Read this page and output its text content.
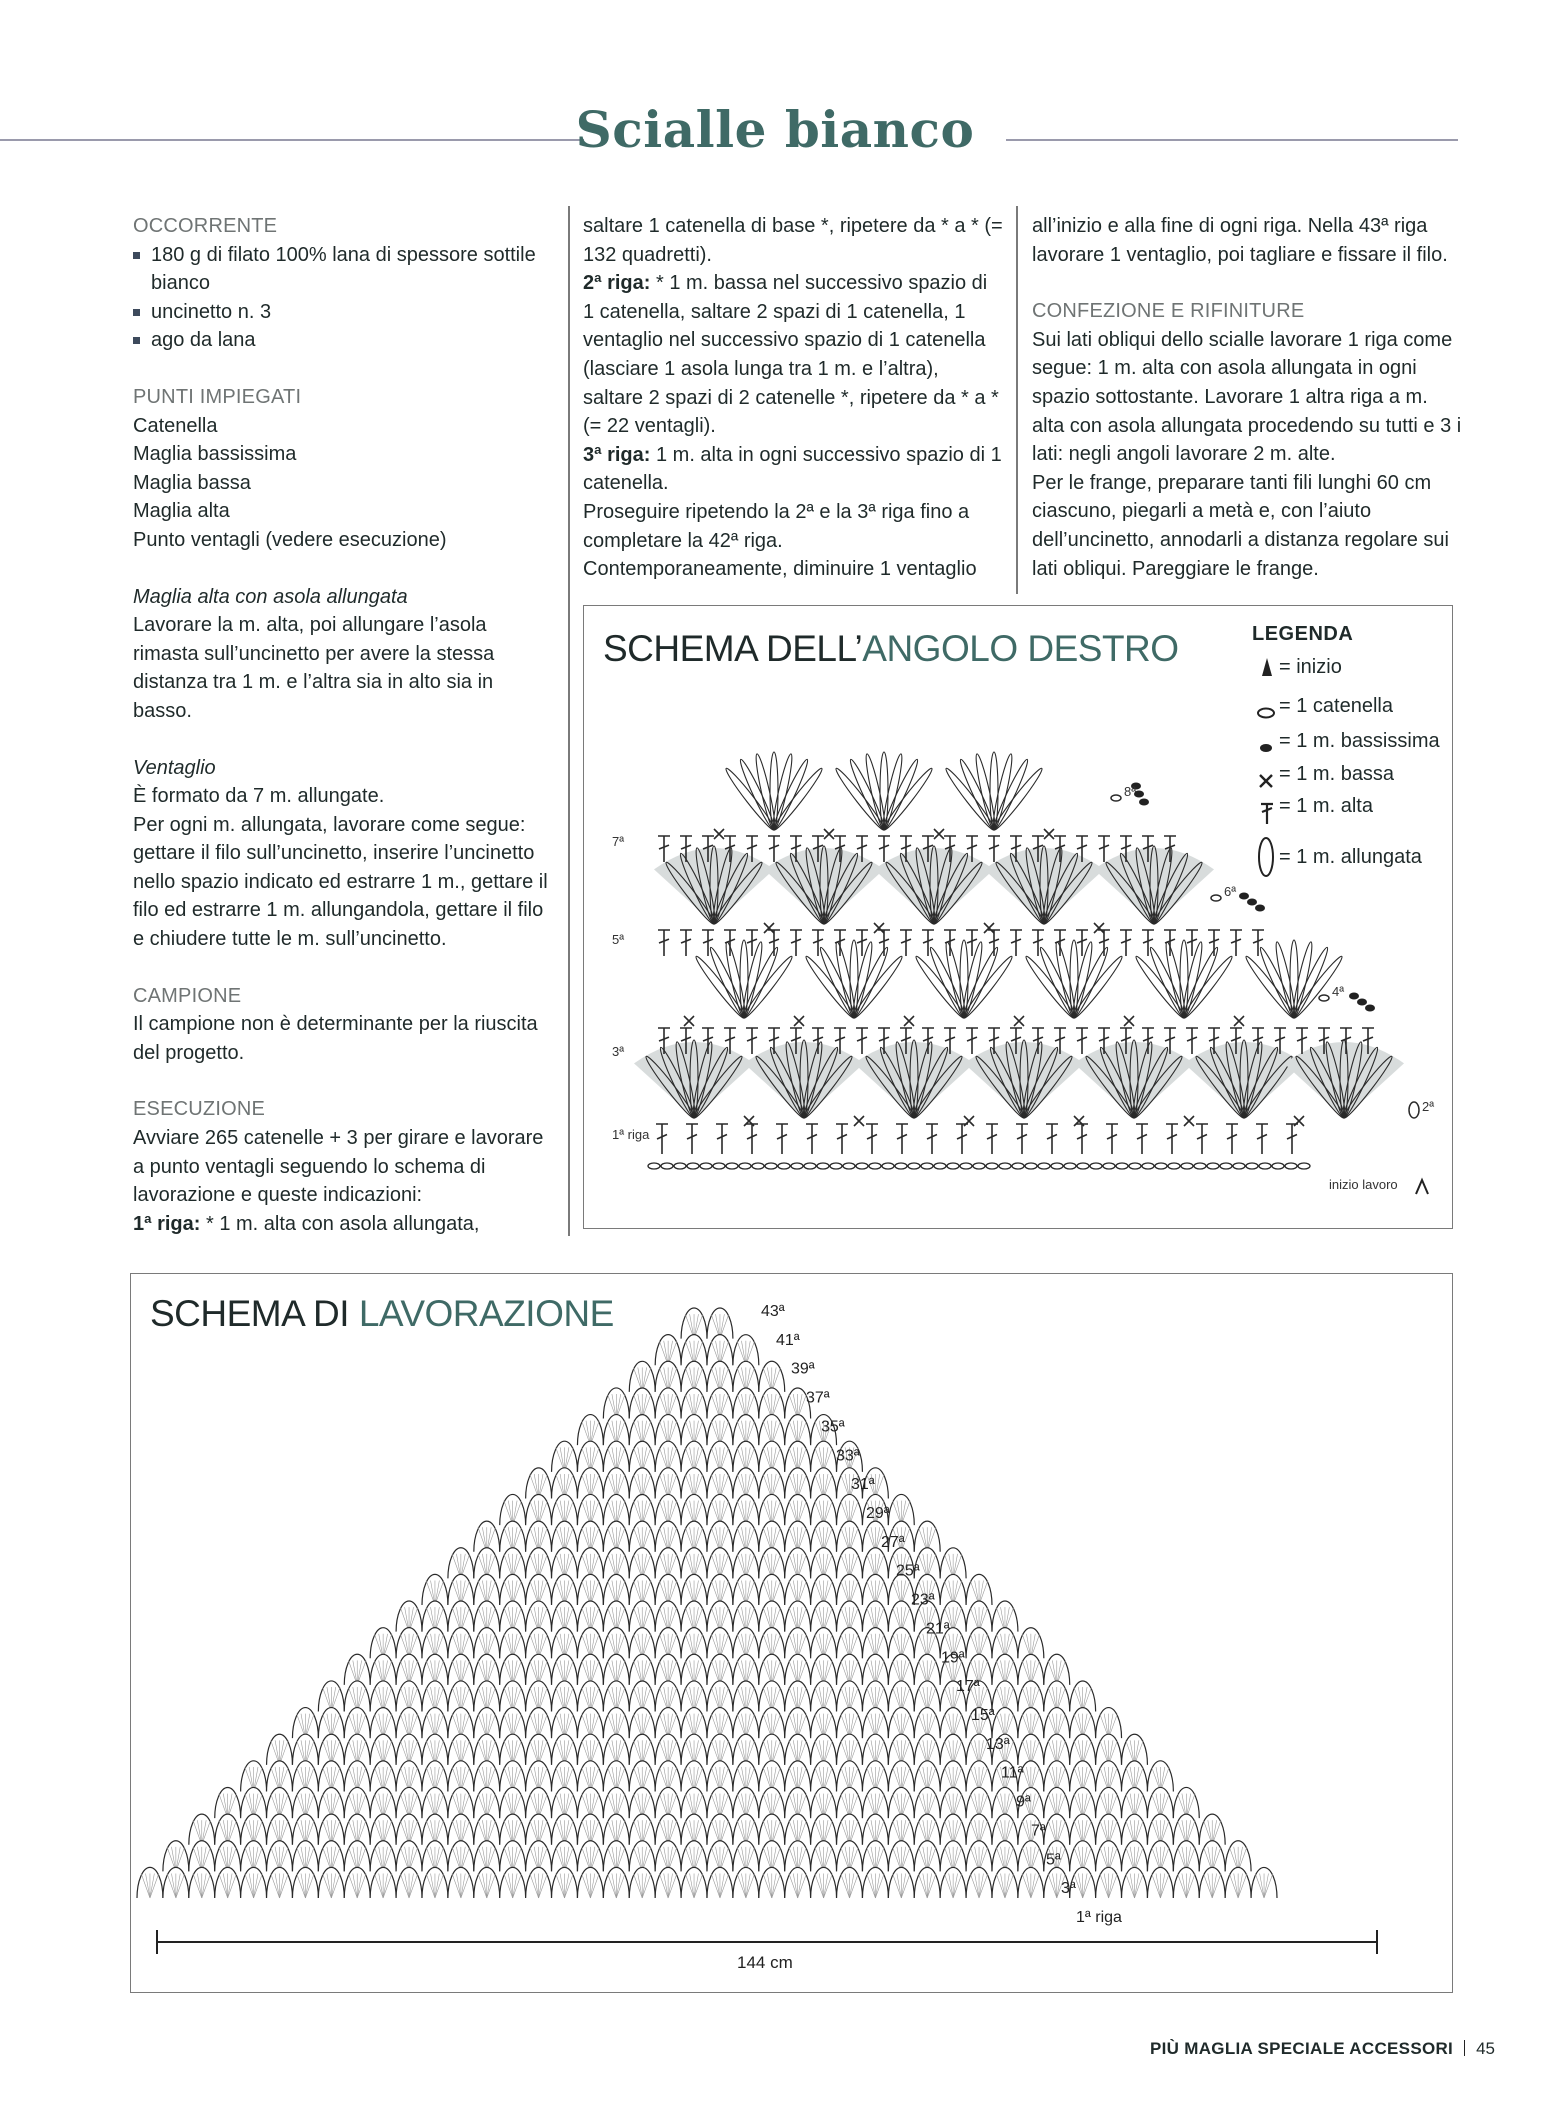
Scialle bianco

OCCORRENTE

180 g di filato 100% lana di spessore sottile bianco

uncinetto n. 3

ago da lana

PUNTI IMPIEGATI

Catenella

Maglia bassissima

Maglia bassa

Maglia alta

Punto ventagli (vedere esecuzione)

Maglia alta con asola allungata

Lavorare la m. alta, poi allungare l’asola rimasta sull’uncinetto per avere la stessa distanza tra 1 m. e l’altra sia in alto sia in basso.

Ventaglio

È formato da 7 m. allungate.

Per ogni m. allungata, lavorare come segue: gettare il filo sull’uncinetto, inserire l’uncinetto nello spazio indicato ed estrarre 1 m., gettare il filo ed estrarre 1 m. allungandola, gettare il filo e chiudere tutte le m. sull’uncinetto.

CAMPIONE

Il campione non è determinante per la riuscita del progetto.

ESECUZIONE

Avviare 265 catenelle + 3 per girare e lavorare a punto ventagli seguendo lo schema di lavorazione e queste indicazioni:

1ª riga: * 1 m. alta con asola allungata,

saltare 1 catenella di base *, ripetere da * a * (= 132 quadretti).

2ª riga: * 1 m. bassa nel successivo spazio di 1 catenella, saltare 2 spazi di 1 catenella, 1 ventaglio nel successivo spazio di 1 catenella (lasciare 1 asola lunga tra 1 m. e l’altra), saltare 2 spazi di 2 catenelle *, ripetere da * a * (= 22 ventagli).

3ª riga: 1 m. alta in ogni successivo spazio di 1 catenella.

Proseguire ripetendo la 2ª e la 3ª riga fino a completare la 42ª riga.

Contemporaneamente, diminuire 1 ventaglio

all’inizio e alla fine di ogni riga. Nella 43ª riga lavorare 1 ventaglio, poi tagliare e fissare il filo.

CONFEZIONE E RIFINITURE

Sui lati obliqui dello scialle lavorare 1 riga come segue: 1 m. alta con asola allungata in ogni spazio sottostante. Lavorare 1 altra riga a m. alta con asola allungata procedendo su tutti e 3 i lati: negli angoli lavorare 2 m. alte.

Per le frange, preparare tanti fili lunghi 60 cm ciascuno, piegarli a metà e, con l’aiuto dell’uncinetto, annodarli a distanza regolare sui lati obliqui. Pareggiare le frange.

SCHEMA DELL’ANGOLO DESTRO	LEGENDA
= inizio
= 1 catenella
= 1 m. bassissima
= 1 m. bassa
= 1 m. alta
= 1 m. allungata
7ª
5ª
3ª
1ª riga
8ª
6ª
4ª
2ª
inizio lavoro
SCHEMA DI LAVORAZIONE	43ª
41ª
39ª
37ª
35ª
33ª
31ª
29ª
27ª
25ª
23ª
21ª
19ª
17ª
15ª
13ª
11ª
9ª
7ª
5ª
3ª
1ª riga
144 cm
PIÙ MAGLIA SPECIALE ACCESSORI 45
